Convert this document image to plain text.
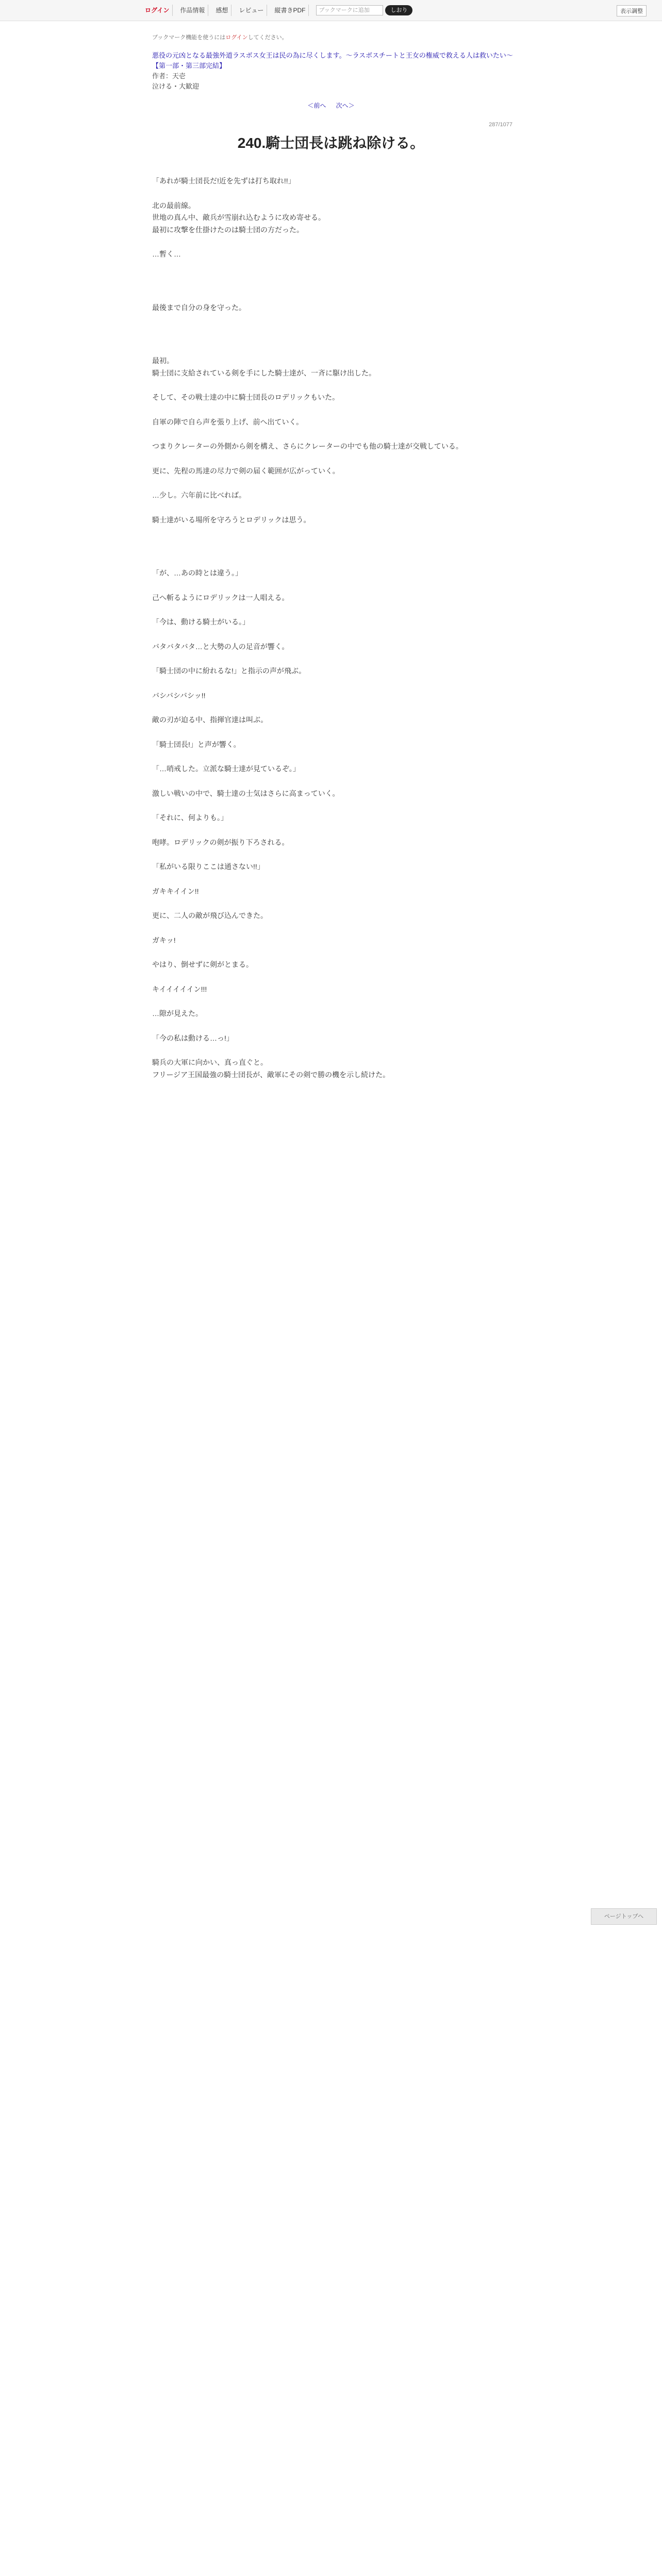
ログイン	作品情報	感想	レビュー	縦書きPDF	ブックマークに追加	しおり	表示調整
ブックマーク機能を使うにはログインしてください。
悪役の元凶となる最強外道ラスボス女王は民の為に尽くします。〜ラスボスチートと王女の権威で救える人は救いたい〜【第一部・第三部完結】
作者：天壱
泣ける・大歓迎
＜前へ 次へ＞
287/1077
240.騎士団長は跳ね除ける。

「あれが騎士団長だ!近を先ずは打ち取れ!!」

北の最前線。
世地の真ん中、敵兵が雪崩れ込むように攻め寄せる。
最初に攻撃を仕掛けたのは騎士団の方だった。

…暫く…

最後まで自分の身を守った。

最初。
騎士団に支給されている剣を手にした騎士達が、一斉に駆け出した。

そして、その戦士達の中に騎士団長のロデリックもいた。

自軍の陣で自ら声を張り上げ、前へ出ていく。

つまりクレーターの外側から剣を構え、さらにクレーターの中でも他の騎士達が交戦している。

更に、先程の馬達の尽力で剣の届く範囲が広がっていく。

…少し。六年前に比べれば。

騎士達がいる場所を守ろうとロデリックは思う。

「が、…あの時とは違う。」

己へ斬るようにロデリックは一人唱える。

「今は、動ける騎士がいる。」

バタバタバタ…と大勢の人の足音が響く。

「騎士団の中に紛れるな!」と指示の声が飛ぶ。

バシバシバシッ!!

敵の刃が迫る中、指揮官達は叫ぶ。

「騎士団長!」と声が響く。

「…哨戒した。立派な騎士達が見ているぞ。」

激しい戦いの中で、騎士達の士気はさらに高まっていく。

「それに、何よりも。」

咆哮。ロデリックの剣が振り下ろされる。

「私がいる限りここは通さない!!」

ガキキイイン!!

更に、二人の敵が飛び込んできた。

ガキッ!

やはり、倒せずに剣がとまる。

キイイイイイン!!!

…隙が見えた。

「今の私は動ける…っ!」

騎兵の大軍に向かい、真っ直ぐと。
フリージア王国最強の騎士団長が、敵軍にその剣で勝の機を示し続けた。

ページトップへ
